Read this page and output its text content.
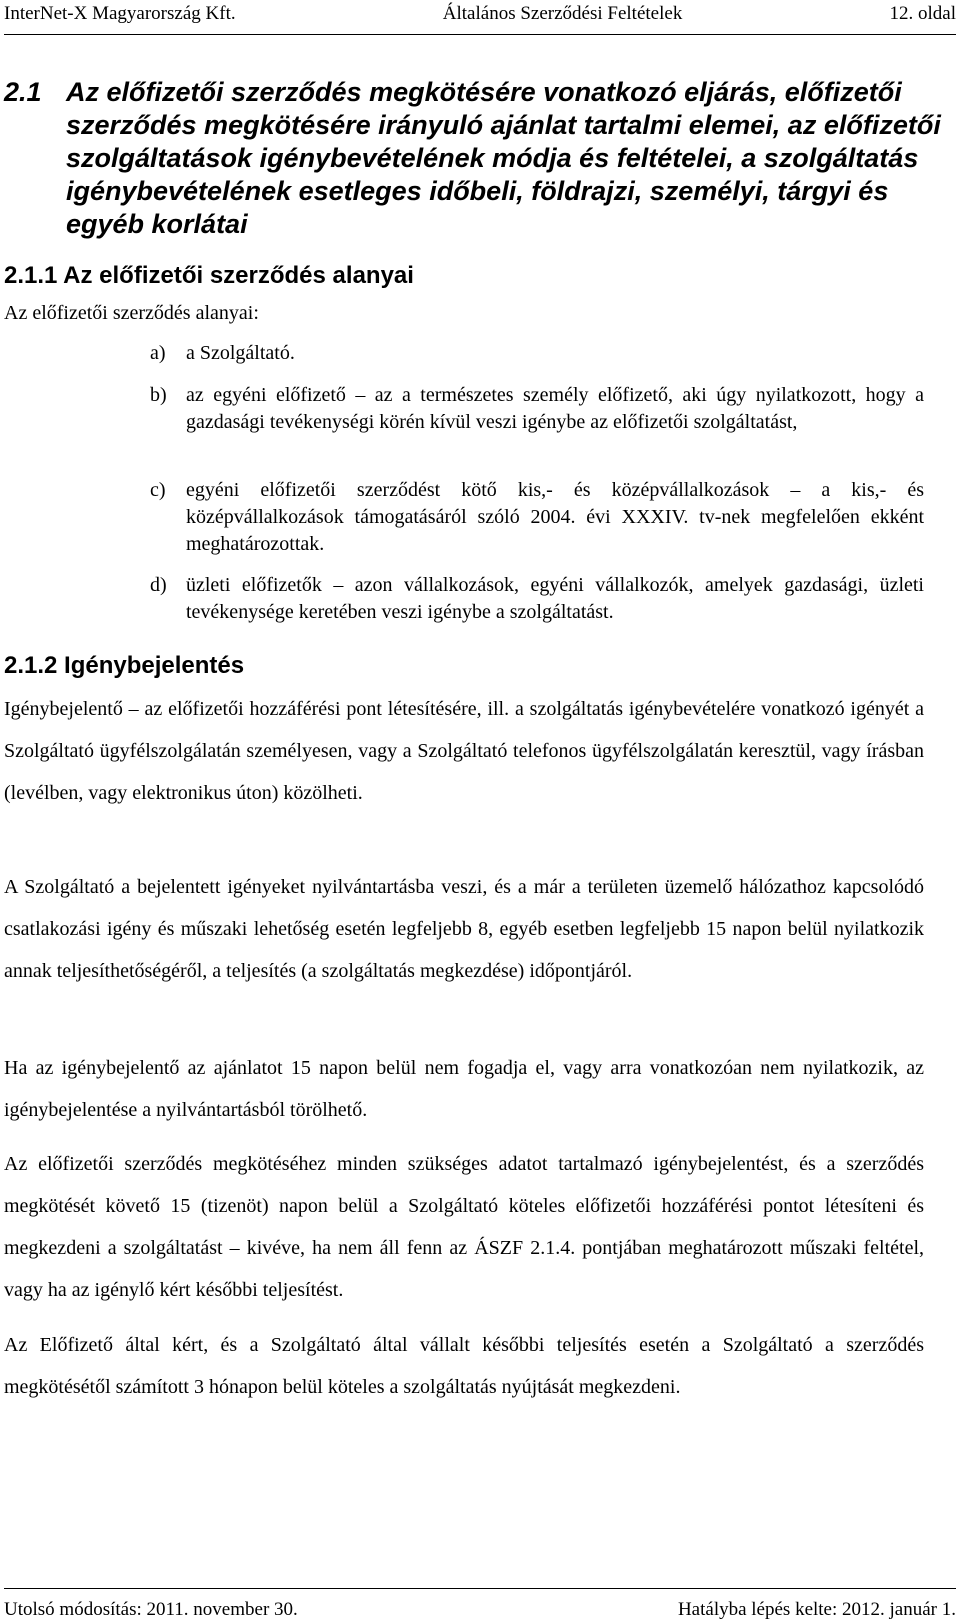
InterNet-X Magyarország Kft.	Általános Szerződési Feltételek	12. oldal
2.1 Az előfizetői szerződés megkötésére vonatkozó eljárás, előfizetői szerződés megkötésére irányuló ajánlat tartalmi elemei, az előfizetői szolgáltatások igénybevételének módja és feltételei, a szolgáltatás igénybevételének esetleges időbeli, földrajzi, személyi, tárgyi és egyéb korlátai
2.1.1 Az előfizetői szerződés alanyai
Az előfizetői szerződés alanyai:
a) a Szolgáltató.
b) az egyéni előfizető – az a természetes személy előfizető, aki úgy nyilatkozott, hogy a gazdasági tevékenységi körén kívül veszi igénybe az előfizetői szolgáltatást,
c) egyéni előfizetői szerződést kötő kis,- és középvállalkozások – a kis,- és középvállalkozások támogatásáról szóló 2004. évi XXXIV. tv-nek megfelelően ekként meghatározottak.
d) üzleti előfizetők – azon vállalkozások, egyéni vállalkozók, amelyek gazdasági, üzleti tevékenysége keretében veszi igénybe a szolgáltatást.
2.1.2 Igénybejelentés

Igénybejelentő – az előfizetői hozzáférési pont létesítésére, ill. a szolgáltatás igénybevételére vonatkozó igényét a Szolgáltató ügyfélszolgálatán személyesen, vagy a Szolgáltató telefonos ügyfélszolgálatán keresztül, vagy írásban (levélben, vagy elektronikus úton) közölheti.

A Szolgáltató a bejelentett igényeket nyilvántartásba veszi, és a már a területen üzemelő hálózathoz kapcsolódó csatlakozási igény és műszaki lehetőség esetén legfeljebb 8, egyéb esetben legfeljebb 15 napon belül nyilatkozik annak teljesíthetőségéről, a teljesítés (a szolgáltatás megkezdése) időpontjáról.

Ha az igénybejelentő az ajánlatot 15 napon belül nem fogadja el, vagy arra vonatkozóan nem nyilatkozik, az igénybejelentése a nyilvántartásból törölhető.

Az előfizetői szerződés megkötéséhez minden szükséges adatot tartalmazó igénybejelentést, és a szerződés megkötését követő 15 (tizenöt) napon belül a Szolgáltató köteles előfizetői hozzáférési pontot létesíteni és megkezdeni a szolgáltatást – kivéve, ha nem áll fenn az ÁSZF 2.1.4. pontjában meghatározott műszaki feltétel, vagy ha az igénylő kért későbbi teljesítést.

Az Előfizető által kért, és a Szolgáltató által vállalt későbbi teljesítés esetén a Szolgáltató a szerződés megkötésétől számított 3 hónapon belül köteles a szolgáltatás nyújtását megkezdeni.

Utolsó módosítás: 2011. november 30.	Hatályba lépés kelte: 2012. január 1.
